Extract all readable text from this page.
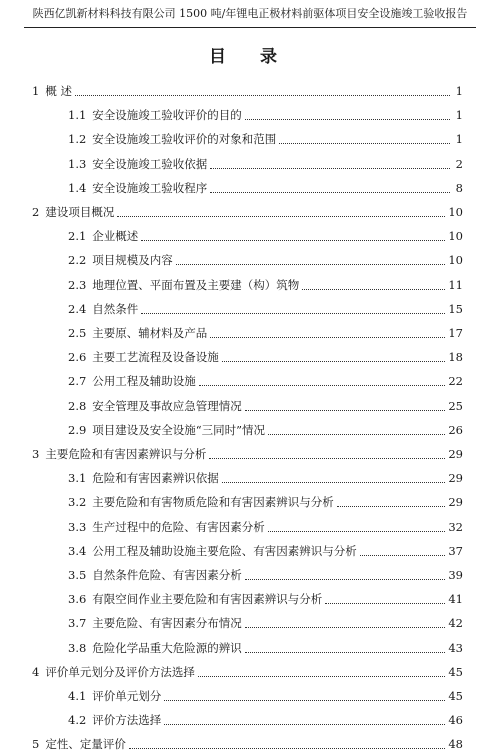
陕西亿凯新材料科技有限公司 1500 吨/年锂电正极材料前驱体项目安全设施竣工验收报告
目 录
1 概 述	1
1.1 安全设施竣工验收评价的目的	1
1.2 安全设施竣工验收评价的对象和范围	1
1.3 安全设施竣工验收依据	2
1.4 安全设施竣工验收程序	8
2 建设项目概况	10
2.1 企业概述	10
2.2 项目规模及内容	10
2.3 地理位置、平面布置及主要建（构）筑物	11
2.4 自然条件	15
2.5 主要原、辅材料及产品	17
2.6 主要工艺流程及设备设施	18
2.7 公用工程及辅助设施	22
2.8 安全管理及事故应急管理情况	25
2.9 项目建设及安全设施“三同时”情况	26
3 主要危险和有害因素辨识与分析	29
3.1 危险和有害因素辨识依据	29
3.2 主要危险和有害物质危险和有害因素辨识与分析	29
3.3 生产过程中的危险、有害因素分析	32
3.4 公用工程及辅助设施主要危险、有害因素辨识与分析	37
3.5 自然条件危险、有害因素分析	39
3.6 有限空间作业主要危险和有害因素辨识与分析	41
3.7 主要危险、有害因素分布情况	42
3.8 危险化学品重大危险源的辨识	43
4 评价单元划分及评价方法选择	45
4.1 评价单元划分	45
4.2 评价方法选择	46
5 定性、定量评价	48
